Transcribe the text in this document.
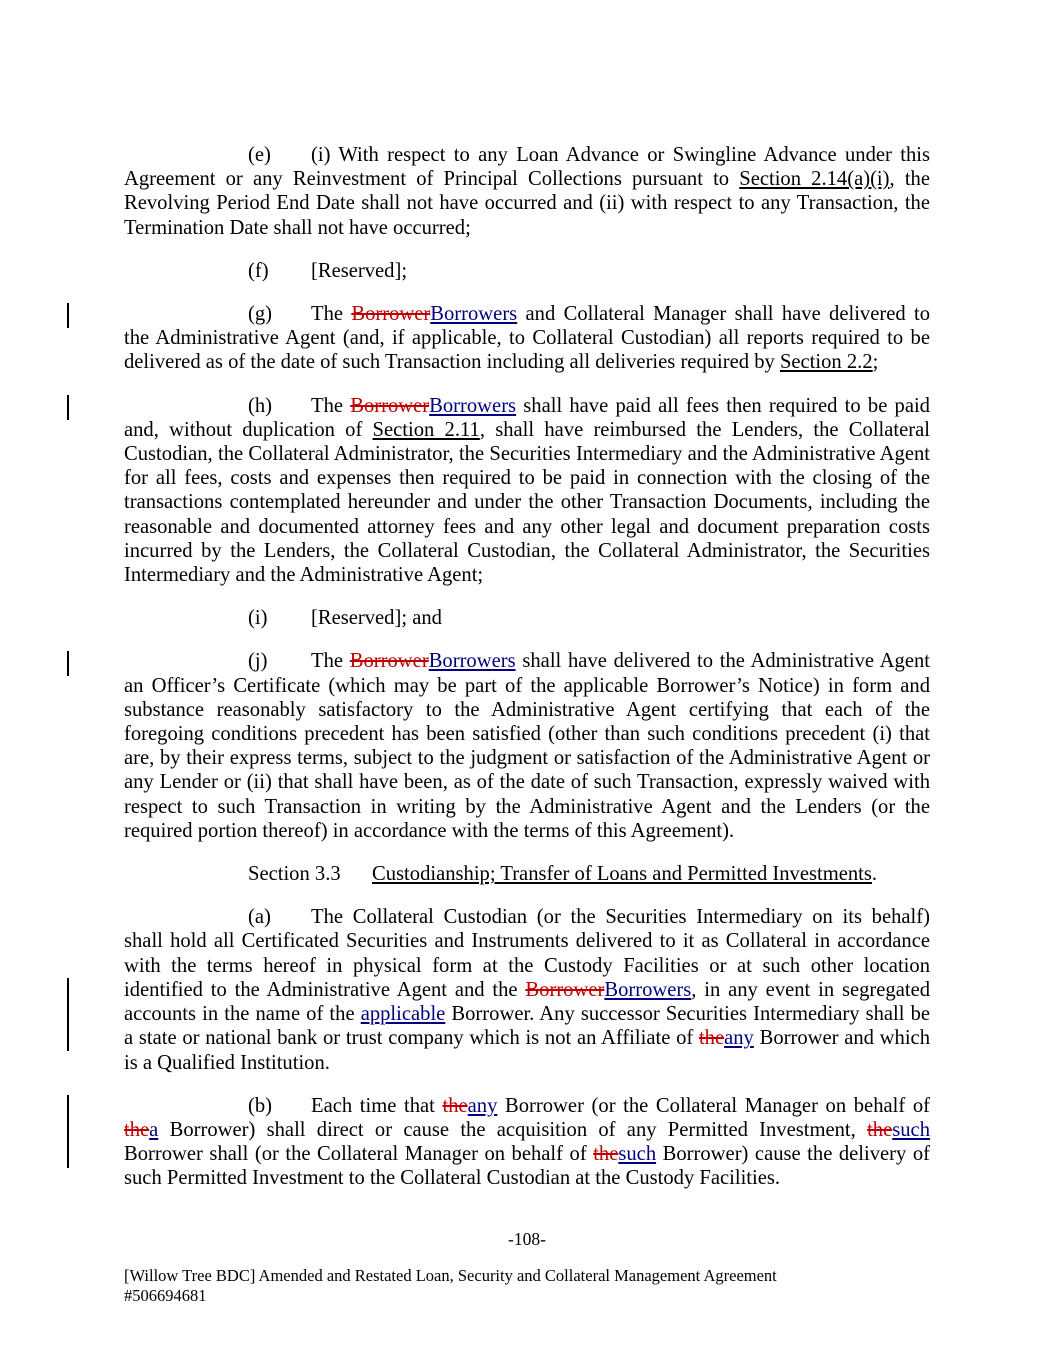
(e) (i) With respect to any Loan Advance or Swingline Advance under this Agreement or any Reinvestment of Principal Collections pursuant to Section 2.14(a)(i), the Revolving Period End Date shall not have occurred and (ii) with respect to any Transaction, the Termination Date shall not have occurred;

(f) [Reserved];

(g) The BorrowerBorrowers and Collateral Manager shall have delivered to the Administrative Agent (and, if applicable, to Collateral Custodian) all reports required to be delivered as of the date of such Transaction including all deliveries required by Section 2.2;

(h) The BorrowerBorrowers shall have paid all fees then required to be paid and, without duplication of Section 2.11, shall have reimbursed the Lenders, the Collateral Custodian, the Collateral Administrator, the Securities Intermediary and the Administrative Agent for all fees, costs and expenses then required to be paid in connection with the closing of the transactions contemplated hereunder and under the other Transaction Documents, including the reasonable and documented attorney fees and any other legal and document preparation costs incurred by the Lenders, the Collateral Custodian, the Collateral Administrator, the Securities Intermediary and the Administrative Agent;

(i) [Reserved]; and

(j) The BorrowerBorrowers shall have delivered to the Administrative Agent an Officer’s Certificate (which may be part of the applicable Borrower’s Notice) in form and substance reasonably satisfactory to the Administrative Agent certifying that each of the foregoing conditions precedent has been satisfied (other than such conditions precedent (i) that are, by their express terms, subject to the judgment or satisfaction of the Administrative Agent or any Lender or (ii) that shall have been, as of the date of such Transaction, expressly waived with respect to such Transaction in writing by the Administrative Agent and the Lenders (or the required portion thereof) in accordance with the terms of this Agreement).

Section 3.3 Custodianship; Transfer of Loans and Permitted Investments.

(a) The Collateral Custodian (or the Securities Intermediary on its behalf) shall hold all Certificated Securities and Instruments delivered to it as Collateral in accordance with the terms hereof in physical form at the Custody Facilities or at such other location identified to the Administrative Agent and the BorrowerBorrowers, in any event in segregated accounts in the name of the applicable Borrower. Any successor Securities Intermediary shall be a state or national bank or trust company which is not an Affiliate of theany Borrower and which is a Qualified Institution.

(b) Each time that theany Borrower (or the Collateral Manager on behalf of thea Borrower) shall direct or cause the acquisition of any Permitted Investment, thesuch Borrower shall (or the Collateral Manager on behalf of thesuch Borrower) cause the delivery of such Permitted Investment to the Collateral Custodian at the Custody Facilities.

-108-
[Willow Tree BDC] Amended and Restated Loan, Security and Collateral Management Agreement
#506694681
